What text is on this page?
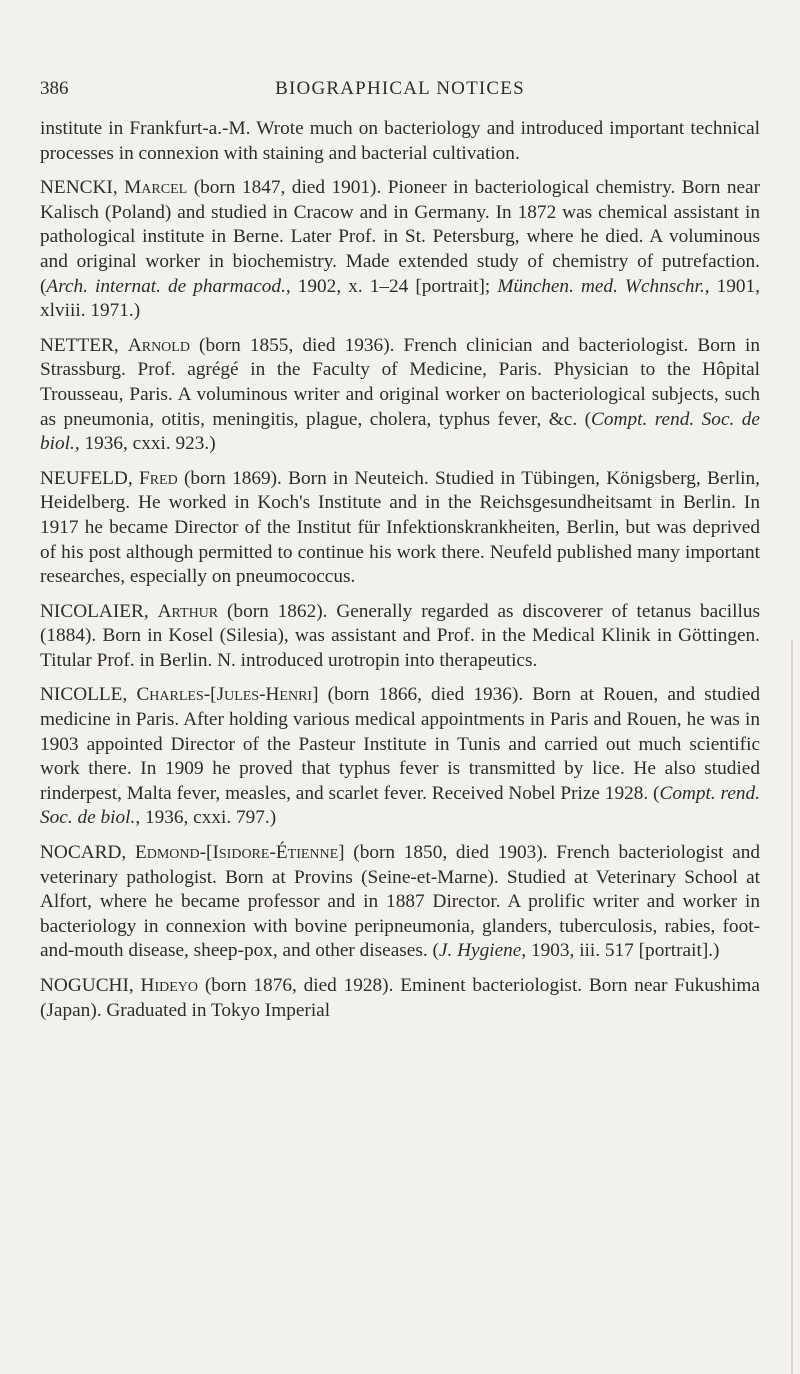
386	BIOGRAPHICAL NOTICES

institute in Frankfurt-a.-M. Wrote much on bacteriology and introduced important technical processes in connexion with staining and bacterial cultivation.

NENCKI, Marcel (born 1847, died 1901). Pioneer in bacteriological chemistry. Born near Kalisch (Poland) and studied in Cracow and in Germany. In 1872 was chemical assistant in pathological institute in Berne. Later Prof. in St. Petersburg, where he died. A voluminous and original worker in biochemistry. Made extended study of chemistry of putrefaction. (Arch. internat. de pharmacod., 1902, x. 1–24 [portrait]; München. med. Wchnschr., 1901, xlviii. 1971.)

NETTER, Arnold (born 1855, died 1936). French clinician and bacteriologist. Born in Strassburg. Prof. agrégé in the Faculty of Medicine, Paris. Physician to the Hôpital Trousseau, Paris. A voluminous writer and original worker on bacteriological subjects, such as pneumonia, otitis, meningitis, plague, cholera, typhus fever, &c. (Compt. rend. Soc. de biol., 1936, cxxi. 923.)

NEUFELD, Fred (born 1869). Born in Neuteich. Studied in Tübingen, Königsberg, Berlin, Heidelberg. He worked in Koch's Institute and in the Reichsgesundheitsamt in Berlin. In 1917 he became Director of the Institut für Infektionskrankheiten, Berlin, but was deprived of his post although permitted to continue his work there. Neufeld published many important researches, especially on pneumococcus.

NICOLAIER, Arthur (born 1862). Generally regarded as discoverer of tetanus bacillus (1884). Born in Kosel (Silesia), was assistant and Prof. in the Medical Klinik in Göttingen. Titular Prof. in Berlin. N. introduced urotropin into therapeutics.

NICOLLE, Charles-[Jules-Henri] (born 1866, died 1936). Born at Rouen, and studied medicine in Paris. After holding various medical appointments in Paris and Rouen, he was in 1903 appointed Director of the Pasteur Institute in Tunis and carried out much scientific work there. In 1909 he proved that typhus fever is transmitted by lice. He also studied rinderpest, Malta fever, measles, and scarlet fever. Received Nobel Prize 1928. (Compt. rend. Soc. de biol., 1936, cxxi. 797.)

NOCARD, Edmond-[Isidore-Étienne] (born 1850, died 1903). French bacteriologist and veterinary pathologist. Born at Provins (Seine-et-Marne). Studied at Veterinary School at Alfort, where he became professor and in 1887 Director. A prolific writer and worker in bacteriology in connexion with bovine peripneumonia, glanders, tuberculosis, rabies, foot-and-mouth disease, sheep-pox, and other diseases. (J. Hygiene, 1903, iii. 517 [portrait].)

NOGUCHI, Hideyo (born 1876, died 1928). Eminent bacteriologist. Born near Fukushima (Japan). Graduated in Tokyo Imperial
